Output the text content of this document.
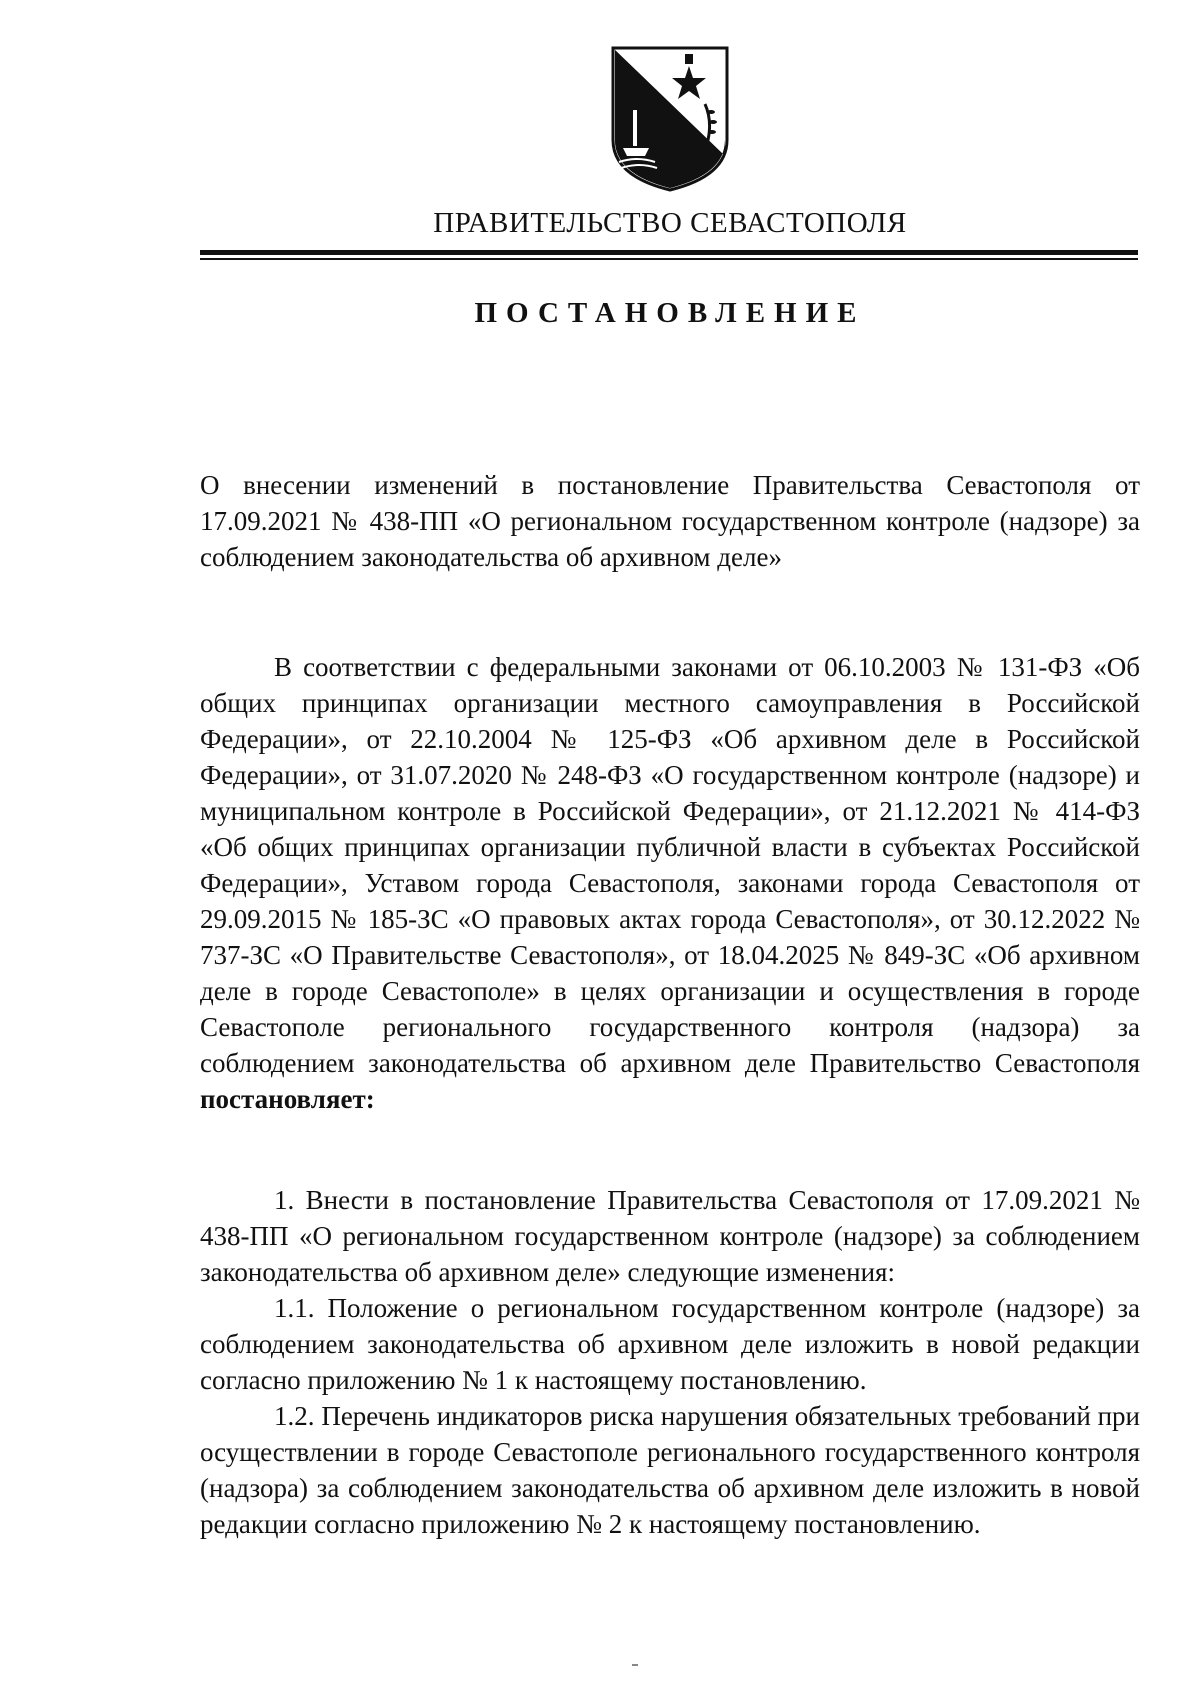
ПРАВИТЕЛЬСТВО СЕВАСТОПОЛЯ
ПОСТАНОВЛЕНИЕ
О внесении изменений в постановление Правительства Севастополя от 17.09.2021 № 438-ПП «О региональном государственном контроле (надзоре) за соблюдением законодательства об архивном деле»
В соответствии с федеральными законами от 06.10.2003 № 131-ФЗ «Об общих принципах организации местного самоуправления в Российской Федерации», от 22.10.2004 № 125-ФЗ «Об архивном деле в Российской Федерации», от 31.07.2020 № 248-ФЗ «О государственном контроле (надзоре) и муниципальном контроле в Российской Федерации», от 21.12.2021 № 414-ФЗ «Об общих принципах организации публичной власти в субъектах Российской Федерации», Уставом города Севастополя, законами города Севастополя от 29.09.2015 № 185-ЗС «О правовых актах города Севастополя», от 30.12.2022 № 737-ЗС «О Правительстве Севастополя», от 18.04.2025 № 849-ЗС «Об архивном деле в городе Севастополе» в целях организации и осуществления в городе Севастополе регионального государственного контроля (надзора) за соблюдением законодательства об архивном деле Правительство Севастополя постановляет:
1. Внести в постановление Правительства Севастополя от 17.09.2021 № 438-ПП «О региональном государственном контроле (надзоре) за соблюдением законодательства об архивном деле» следующие изменения:
1.1. Положение о региональном государственном контроле (надзоре) за соблюдением законодательства об архивном деле изложить в новой редакции согласно приложению № 1 к настоящему постановлению.
1.2. Перечень индикаторов риска нарушения обязательных требований при осуществлении в городе Севастополе регионального государственного контроля (надзора) за соблюдением законодательства об архивном деле изложить в новой редакции согласно приложению № 2 к настоящему постановлению.
